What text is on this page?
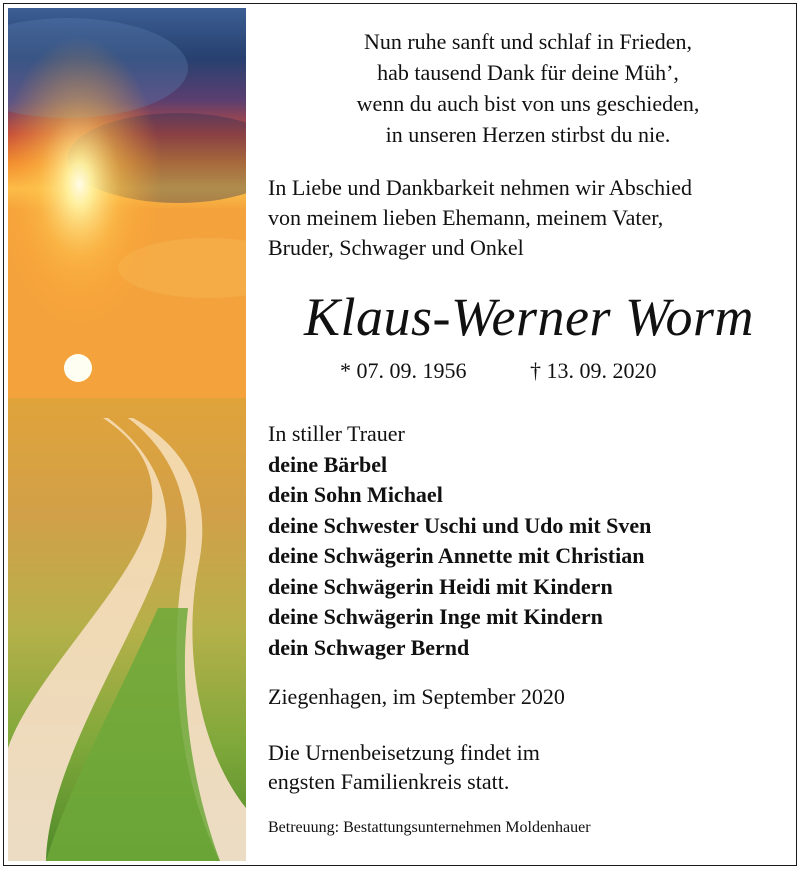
Nun ruhe sanft und schlaf in Frieden,
hab tausend Dank für deine Müh’,
wenn du auch bist von uns geschieden,
in unseren Herzen stirbst du nie.
In Liebe und Dankbarkeit nehmen wir Abschied
von meinem lieben Ehemann, meinem Vater,
Bruder, Schwager und Onkel
Klaus-Werner Worm
* 07. 09. 1956	† 13. 09. 2020
In stiller Trauer
deine Bärbel
dein Sohn Michael
deine Schwester Uschi und Udo mit Sven
deine Schwägerin Annette mit Christian
deine Schwägerin Heidi mit Kindern
deine Schwägerin Inge mit Kindern
dein Schwager Bernd
Ziegenhagen, im September 2020
Die Urnenbeisetzung findet im
engsten Familienkreis statt.
Betreuung: Bestattungsunternehmen Moldenhauer
